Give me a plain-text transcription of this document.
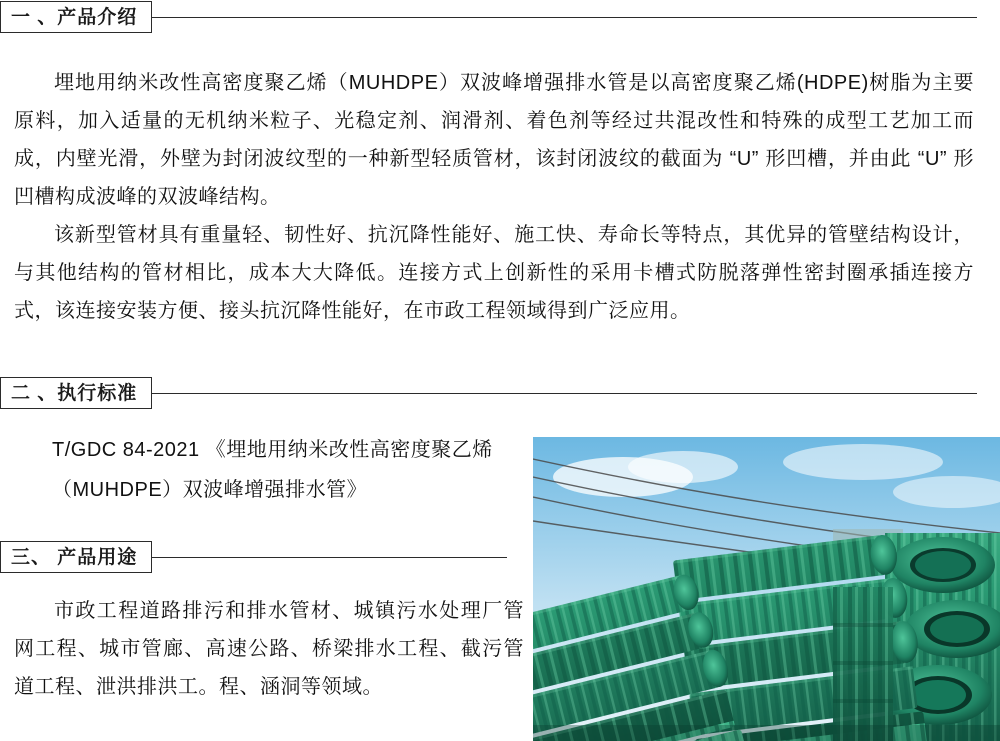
一 、产品介绍

埋地用纳米改性高密度聚乙烯（MUHDPE）双波峰增强排水管是以高密度聚乙烯(HDPE)树脂为主要原料，加入适量的无机纳米粒子、光稳定剂、润滑剂、着色剂等经过共混改性和特殊的成型工艺加工而成，内壁光滑，外壁为封闭波纹型的一种新型轻质管材，该封闭波纹的截面为 “U” 形凹槽，并由此 “U” 形凹槽构成波峰的双波峰结构。

该新型管材具有重量轻、韧性好、抗沉降性能好、施工快、寿命长等特点，其优异的管壁结构设计，与其他结构的管材相比，成本大大降低。连接方式上创新性的采用卡槽式防脱落弹性密封圈承插连接方式，该连接安装方便、接头抗沉降性能好，在市政工程领域得到广泛应用。

二 、执行标准
T/GDC 84-2021 《埋地用纳米改性高密度聚乙烯
（MUHDPE）双波峰增强排水管》
三、 产品用途

市政工程道路排污和排水管材、城镇污水处理厂管网工程、城市管廊、高速公路、桥梁排水工程、截污管道工程、泄洪排洪工。程、涵洞等领域。
